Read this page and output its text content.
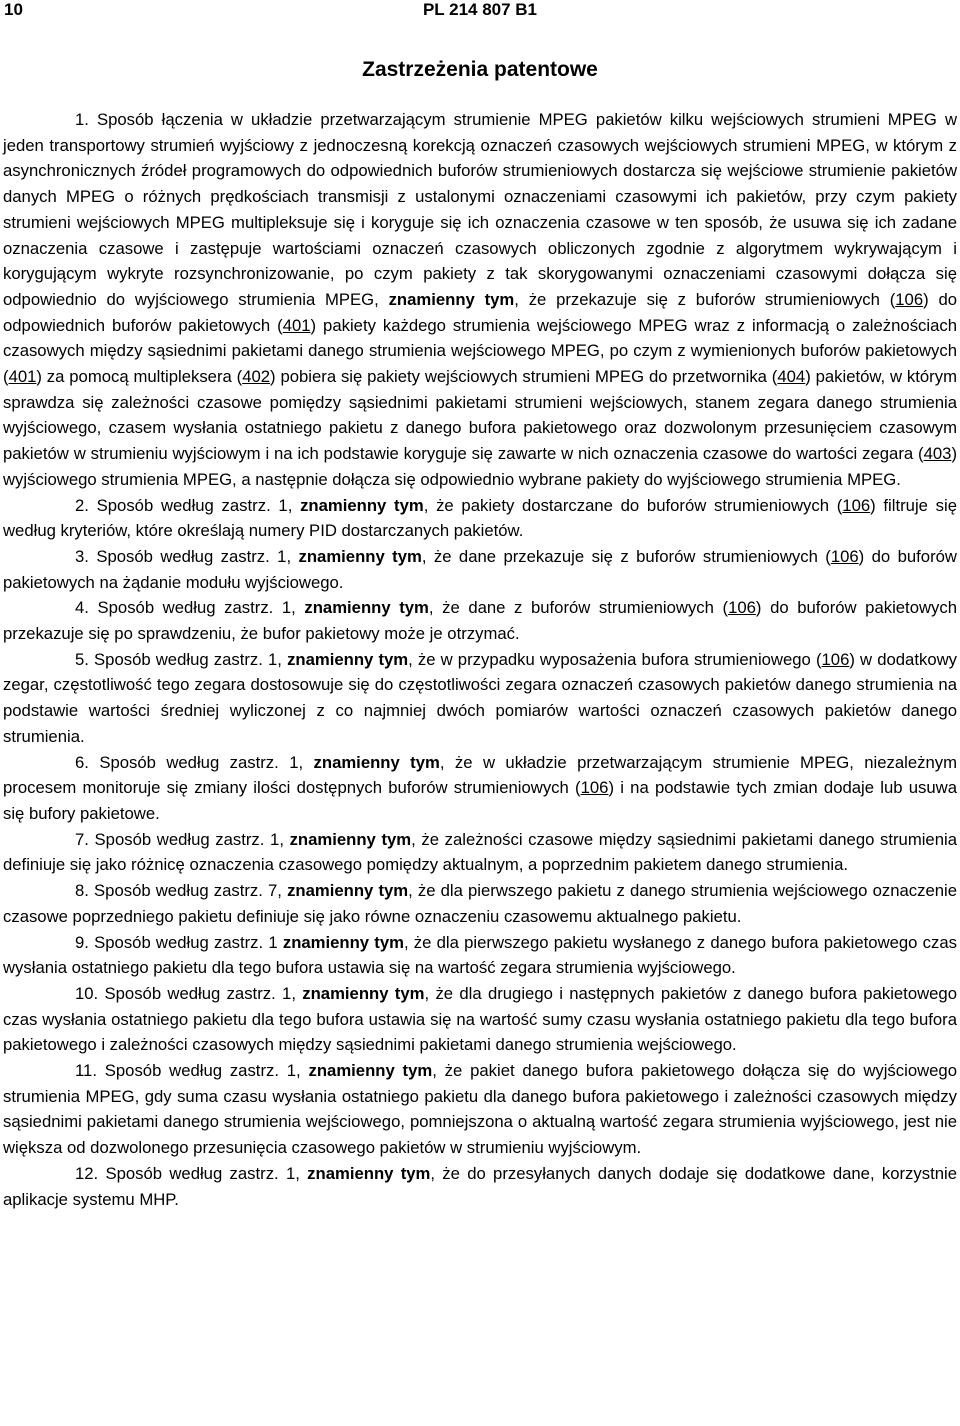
10	PL 214 807 B1
Zastrzeżenia patentowe

1. Sposób łączenia w układzie przetwarzającym strumienie MPEG pakietów kilku wejściowych strumieni MPEG w jeden transportowy strumień wyjściowy z jednoczesną korekcją oznaczeń czasowych wejściowych strumieni MPEG, w którym z asynchronicznych źródeł programowych do odpowiednich buforów strumieniowych dostarcza się wejściowe strumienie pakietów danych MPEG o różnych prędkościach transmisji z ustalonymi oznaczeniami czasowymi ich pakietów, przy czym pakiety strumieni wejściowych MPEG multipleksuje się i koryguje się ich oznaczenia czasowe w ten sposób, że usuwa się ich zadane oznaczenia czasowe i zastępuje wartościami oznaczeń czasowych obliczonych zgodnie z algorytmem wykrywającym i korygującym wykryte rozsynchronizowanie, po czym pakiety z tak skorygowanymi oznaczeniami czasowymi dołącza się odpowiednio do wyjściowego strumienia MPEG, znamienny tym, że przekazuje się z buforów strumieniowych (106) do odpowiednich buforów pakietowych (401) pakiety każdego strumienia wejściowego MPEG wraz z informacją o zależnościach czasowych między sąsiednimi pakietami danego strumienia wejściowego MPEG, po czym z wymienionych buforów pakietowych (401) za pomocą multipleksera (402) pobiera się pakiety wejściowych strumieni MPEG do przetwornika (404) pakietów, w którym sprawdza się zależności czasowe pomiędzy sąsiednimi pakietami strumieni wejściowych, stanem zegara danego strumienia wyjściowego, czasem wysłania ostatniego pakietu z danego bufora pakietowego oraz dozwolonym przesunięciem czasowym pakietów w strumieniu wyjściowym i na ich podstawie koryguje się zawarte w nich oznaczenia czasowe do wartości zegara (403) wyjściowego strumienia MPEG, a następnie dołącza się odpowiednio wybrane pakiety do wyjściowego strumienia MPEG.

2. Sposób według zastrz. 1, znamienny tym, że pakiety dostarczane do buforów strumieniowych (106) filtruje się według kryteriów, które określają numery PID dostarczanych pakietów.

3. Sposób według zastrz. 1, znamienny tym, że dane przekazuje się z buforów strumieniowych (106) do buforów pakietowych na żądanie modułu wyjściowego.

4. Sposób według zastrz. 1, znamienny tym, że dane z buforów strumieniowych (106) do buforów pakietowych przekazuje się po sprawdzeniu, że bufor pakietowy może je otrzymać.

5. Sposób według zastrz. 1, znamienny tym, że w przypadku wyposażenia bufora strumieniowego (106) w dodatkowy zegar, częstotliwość tego zegara dostosowuje się do częstotliwości zegara oznaczeń czasowych pakietów danego strumienia na podstawie wartości średniej wyliczonej z co najmniej dwóch pomiarów wartości oznaczeń czasowych pakietów danego strumienia.

6. Sposób według zastrz. 1, znamienny tym, że w układzie przetwarzającym strumienie MPEG, niezależnym procesem monitoruje się zmiany ilości dostępnych buforów strumieniowych (106) i na podstawie tych zmian dodaje lub usuwa się bufory pakietowe.

7. Sposób według zastrz. 1, znamienny tym, że zależności czasowe między sąsiednimi pakietami danego strumienia definiuje się jako różnicę oznaczenia czasowego pomiędzy aktualnym, a poprzednim pakietem danego strumienia.

8. Sposób według zastrz. 7, znamienny tym, że dla pierwszego pakietu z danego strumienia wejściowego oznaczenie czasowe poprzedniego pakietu definiuje się jako równe oznaczeniu czasowemu aktualnego pakietu.

9. Sposób według zastrz. 1 znamienny tym, że dla pierwszego pakietu wysłanego z danego bufora pakietowego czas wysłania ostatniego pakietu dla tego bufora ustawia się na wartość zegara strumienia wyjściowego.

10. Sposób według zastrz. 1, znamienny tym, że dla drugiego i następnych pakietów z danego bufora pakietowego czas wysłania ostatniego pakietu dla tego bufora ustawia się na wartość sumy czasu wysłania ostatniego pakietu dla tego bufora pakietowego i zależności czasowych między sąsiednimi pakietami danego strumienia wejściowego.

11. Sposób według zastrz. 1, znamienny tym, że pakiet danego bufora pakietowego dołącza się do wyjściowego strumienia MPEG, gdy suma czasu wysłania ostatniego pakietu dla danego bufora pakietowego i zależności czasowych między sąsiednimi pakietami danego strumienia wejściowego, pomniejszona o aktualną wartość zegara strumienia wyjściowego, jest nie większa od dozwolonego przesunięcia czasowego pakietów w strumieniu wyjściowym.

12. Sposób według zastrz. 1, znamienny tym, że do przesyłanych danych dodaje się dodatkowe dane, korzystnie aplikacje systemu MHP.
